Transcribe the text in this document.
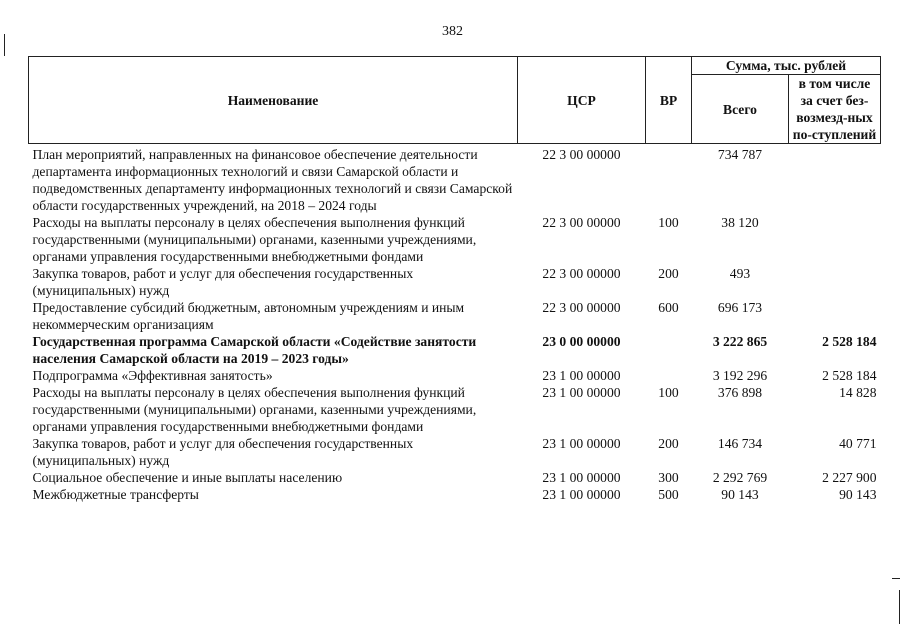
382
Наименование	ЦСР	ВР	Сумма, тыс. рублей	
			Всего	в том числе за счет без-возмезд-ных по-ступлений
План мероприятий, направленных на финансовое обеспечение деятельности департамента информационных технологий и связи Самарской области и подведомственных департаменту информационных технологий и связи Самарской области государственных учреждений, на 2018 – 2024 годы	22 3 00 00000		734 787	
Расходы на выплаты персоналу в целях обеспечения выполнения функций государственными (муниципальными) органами, казенными учреждениями, органами управления государственными внебюджетными фондами	22 3 00 00000	100	38 120	
Закупка товаров, работ и услуг для обеспечения государственных (муниципальных) нужд	22 3 00 00000	200	493	
Предоставление субсидий бюджетным, автономным учреждениям и иным некоммерческим организациям	22 3 00 00000	600	696 173	
Государственная программа Самарской области «Содействие занятости населения Самарской области на 2019 – 2023 годы»	23 0 00 00000		3 222 865	2 528 184
Подпрограмма «Эффективная занятость»	23 1 00 00000		3 192 296	2 528 184
Расходы на выплаты персоналу в целях обеспечения выполнения функций государственными (муниципальными) органами, казенными учреждениями, органами управления государственными внебюджетными фондами	23 1 00 00000	100	376 898	14 828
Закупка товаров, работ и услуг для обеспечения государственных (муниципальных) нужд	23 1 00 00000	200	146 734	40 771
Социальное обеспечение и иные выплаты населению	23 1 00 00000	300	2 292 769	2 227 900
Межбюджетные трансферты	23 1 00 00000	500	90 143	90 143
